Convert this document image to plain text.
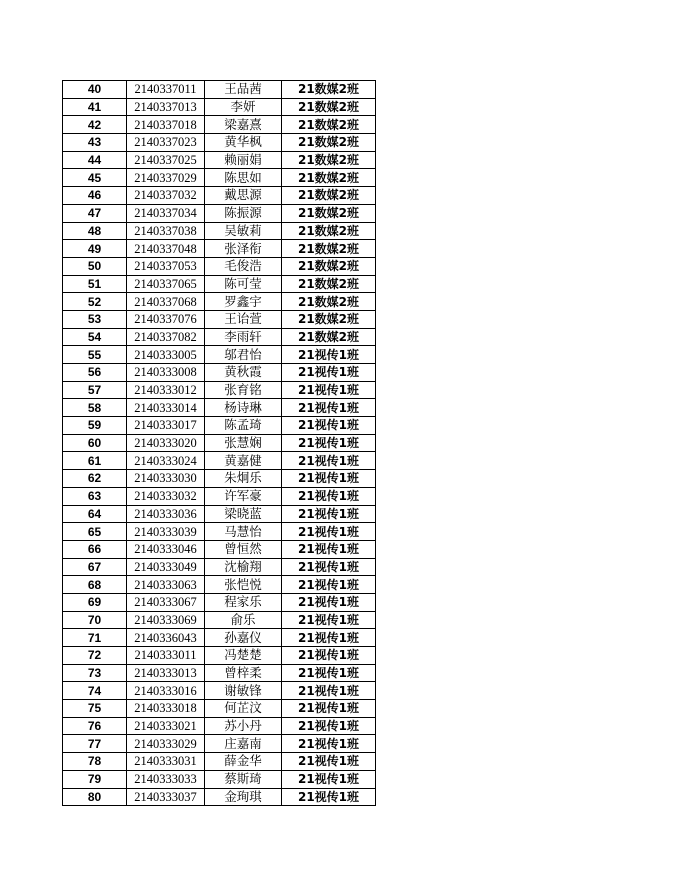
40	2140337011	王品茜	21数媒2班
41	2140337013	李妍	21数媒2班
42	2140337018	梁嘉熹	21数媒2班
43	2140337023	黄华枫	21数媒2班
44	2140337025	赖丽娟	21数媒2班
45	2140337029	陈思如	21数媒2班
46	2140337032	戴思源	21数媒2班
47	2140337034	陈振源	21数媒2班
48	2140337038	吴敏莉	21数媒2班
49	2140337048	张泽衔	21数媒2班
50	2140337053	毛俊浩	21数媒2班
51	2140337065	陈可莹	21数媒2班
52	2140337068	罗鑫宇	21数媒2班
53	2140337076	王诒萱	21数媒2班
54	2140337082	李雨轩	21数媒2班
55	2140333005	邬君怡	21视传1班
56	2140333008	黄秋霞	21视传1班
57	2140333012	张育铭	21视传1班
58	2140333014	杨诗琳	21视传1班
59	2140333017	陈孟琦	21视传1班
60	2140333020	张慧娴	21视传1班
61	2140333024	黄嘉健	21视传1班
62	2140333030	朱炯乐	21视传1班
63	2140333032	许军豪	21视传1班
64	2140333036	梁晓蓝	21视传1班
65	2140333039	马慧怡	21视传1班
66	2140333046	曾恒然	21视传1班
67	2140333049	沈榆翔	21视传1班
68	2140333063	张恺悦	21视传1班
69	2140333067	程家乐	21视传1班
70	2140333069	俞乐	21视传1班
71	2140336043	孙嘉仪	21视传1班
72	2140333011	冯楚楚	21视传1班
73	2140333013	曾梓柔	21视传1班
74	2140333016	谢敏锋	21视传1班
75	2140333018	何芷汶	21视传1班
76	2140333021	苏小丹	21视传1班
77	2140333029	庄嘉南	21视传1班
78	2140333031	薛金华	21视传1班
79	2140333033	蔡斯琦	21视传1班
80	2140333037	金珣琪	21视传1班
